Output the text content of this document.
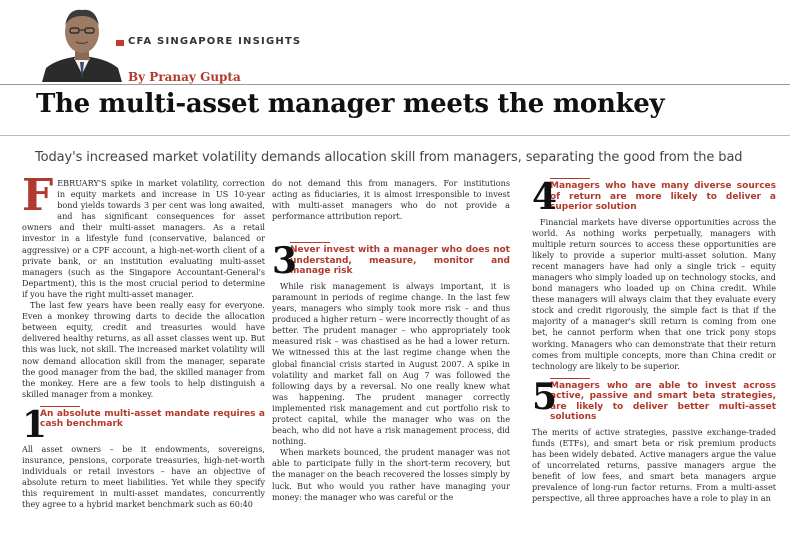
CFA SINGAPORE INSIGHTS
By Pranay Gupta
The multi-asset manager meets the monkey
Today's increased market volatility demands allocation skill from managers, separating the good from the bad

FEBRUARY'S spike in market volatility, correction in equity markets and increase in US 10-year bond yields towards 3 per cent was long awaited, and has significant consequences for asset owners and their multi-asset managers. As a retail investor in a lifestyle fund (conservative, balanced or aggressive) or a CPF account, a high-net-worth client of a private bank, or an institution evaluating multi-asset managers (such as the Singapore Accountant-General's Department), this is the most crucial period to determine if you have the right multi-asset manager.

The last few years have been really easy for everyone. Even a monkey throwing darts to decide the allocation between equity, credit and treasuries would have delivered healthy returns, as all asset classes went up. But this was luck, not skill. The increased market volatility will now demand allocation skill from the manager, separate the good manager from the bad, the skilled manager from the monkey. Here are a few tools to help distinguish a skilled manager from a monkey.

1
An absolute multi-asset mandate requires a cash benchmark

All asset owners – be it endowments, sovereigns, insurance, pensions, corporate treasuries, high-net-worth individuals or retail investors – have an objective of absolute return to meet liabilities. Yet while they specify this requirement in multi-asset mandates, concurrently they agree to a hybrid market benchmark such as 60:40

do not demand this from managers. For institutions acting as fiduciaries, it is almost irresponsible to invest with multi-asset managers who do not provide a performance attribution report.

3
Never invest with a manager who does not understand, measure, monitor and manage risk

While risk management is always important, it is paramount in periods of regime change. In the last few years, managers who simply took more risk – and thus produced a higher return – were incorrectly thought of as better. The prudent manager – who appropriately took measured risk – was chastised as he had a lower return. We witnessed this at the last regime change when the global financial crisis started in August 2007. A spike in volatility and market fall on Aug 7 was followed the following days by a reversal. No one really knew what was happening. The prudent manager correctly implemented risk management and cut portfolio risk to protect capital, while the manager who was on the beach, who did not have a risk management process, did nothing.

When markets bounced, the prudent manager was not able to participate fully in the short-term recovery, but the manager on the beach recovered the losses simply by luck. But who would you rather have managing your money: the manager who was careful or the

4
Managers who have many diverse sources of return are more likely to deliver a superior solution

Financial markets have diverse opportunities across the world. As nothing works perpetually, managers with multiple return sources to access these opportunities are likely to provide a superior multi-asset solution. Many recent managers have had only a single trick – equity managers who simply loaded up on technology stocks, and bond managers who loaded up on China credit. While these managers will always claim that they evaluate every stock and credit rigorously, the simple fact is that if the majority of a manager's skill return is coming from one bet, he cannot perform when that one trick pony stops working. Managers who can demonstrate that their return comes from multiple concepts, more than China credit or technology are likely to be superior.

5
Managers who are able to invest across active, passive and smart beta strategies, are likely to deliver better multi-asset solutions

The merits of active strategies, passive exchange-traded funds (ETFs), and smart beta or risk premium products has been widely debated. Active managers argue the value of uncorrelated returns, passive managers argue the benefit of low fees, and smart beta managers argue prevalence of long-run factor returns. From a multi-asset perspective, all three approaches have a role to play in an
